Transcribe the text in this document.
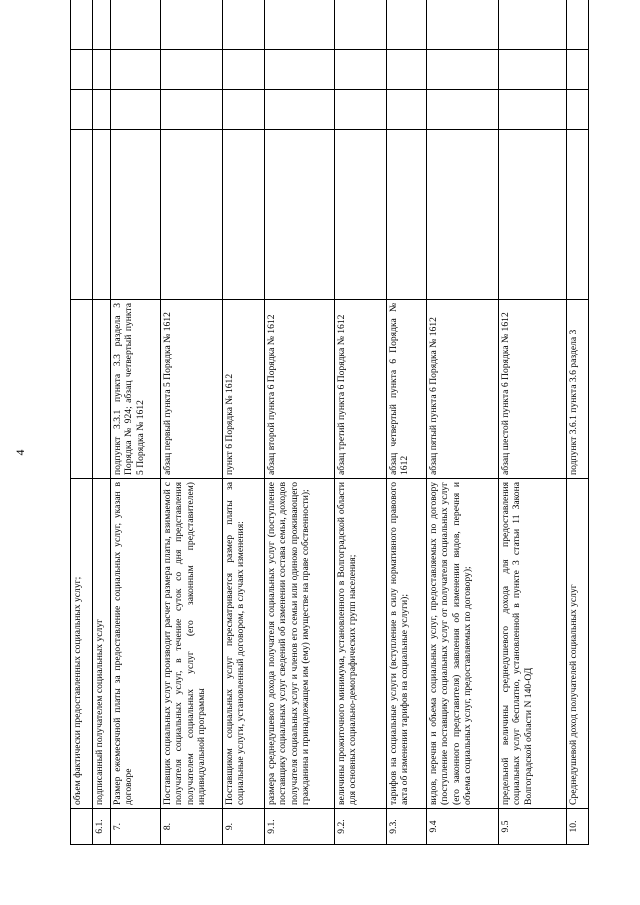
4
	объем фактически предоставленных социальных услуг;					
6.1.	подписанный получателем социальных услуг					
7.	Размер ежемесячной платы за предоставление социальных услуг, указан в договоре	подпункт 3.3.1 пункта 3.3 раздела 3 Порядка № 924; абзац четвертый пункта 5 Порядка № 1612				
8.	Поставщик социальных услуг производит расчет размера платы, взимаемой с получателя социальных услуг, в течение суток со дня представления получателем социальных услуг (его законным представителем) индивидуальной программы	абзац первый пункта 5 Порядка № 1612				
9.	Поставщиком социальных услуг пересматривается размер платы за социальные услуги, установленный договором, в случаях изменения:	пункт 6 Порядка № 1612				
9.1.	размера среднедушевого дохода получателя социальных услуг (поступление поставщику социальных услуг сведений об изменении состава семьи, доходов получателя социальных услуг и членов его семьи или одиноко проживающего гражданина и принадлежащем им (ему) имуществе на праве собственности);	абзац второй пункта 6 Порядка № 1612				
9.2.	величины прожиточного минимума, установленного в Волгоградской области для основных социально-демографических групп населения;	абзац третий пункта 6 Порядка № 1612				
9.3.	тарифов на социальные услуги (вступление в силу нормативного правового акта об изменении тарифов на социальные услуги);	абзац четвертый пункта 6 Порядка № 1612				
9.4	видов, перечня и объема социальных услуг, предоставляемых по договору (поступление поставщику социальных услуг от получателя социальных услуг (его законного представителя) заявления об изменении видов, перечня и объема социальных услуг, предоставляемых по договору);	абзац пятый пункта 6 Порядка № 1612				
9.5	предельной величины среднедушевого дохода для предоставления социальных услуг бесплатно, установленной в пункте 3 статьи 11 Закона Волгоградской области N 140-ОД	абзац шестой пункта 6 Порядка № 1612				
10.	Среднедушевой доход получателей социальных услуг	подпункт 3.6.1 пункта 3.6 раздела 3				
